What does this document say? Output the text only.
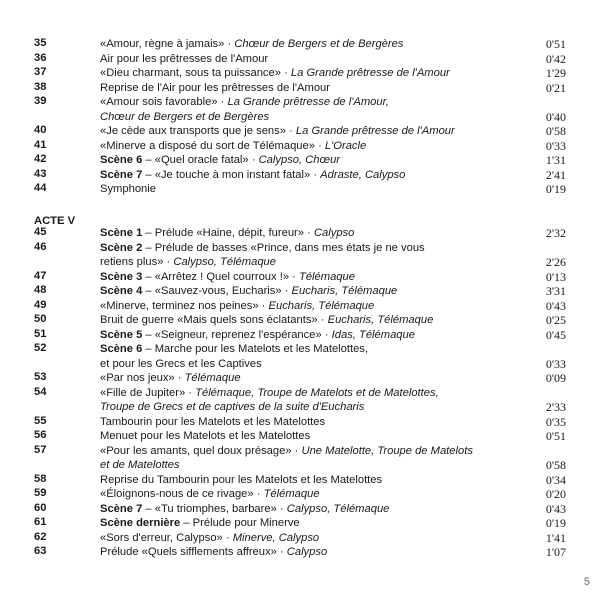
35	«Amour, règne à jamais» · Chœur de Bergers et de Bergères	0'51
36	Air pour les prêtresses de l'Amour	0'42
37	«Dieu charmant, sous ta puissance» · La Grande prêtresse de l'Amour	1'29
38	Reprise de l'Air pour les prêtresses de l'Amour	0'21
39	«Amour sois favorable» · La Grande prêtresse de l'Amour,
Chœur de Bergers et de Bergères	0'40
40	«Je cède aux transports que je sens» · La Grande prêtresse de l'Amour	0'58
41	«Minerve a disposé du sort de Télémaque» · L'Oracle	0'33
42	Scène 6 – «Quel oracle fatal» · Calypso, Chœur	1'31
43	Scène 7 – «Je touche à mon instant fatal» · Adraste, Calypso	2'41
44	Symphonie	0'19
45	Scène 1 – Prélude «Haine, dépit, fureur» · Calypso	2'32
46	Scène 2 – Prélude de basses «Prince, dans mes états je ne vous
retiens plus» · Calypso, Télémaque	2'26
47	Scène 3 – «Arrêtez ! Quel courroux !» · Télémaque	0'13
48	Scène 4 – «Sauvez-vous, Eucharis» · Eucharis, Télémaque	3'31
49	«Minerve, terminez nos peines» · Eucharis, Télémaque	0'43
50	Bruit de guerre «Mais quels sons éclatants» · Eucharis, Télémaque	0'25
51	Scène 5 – «Seigneur, reprenez l'espérance» · Idas, Télémaque	0'45
52	Scène 6 – Marche pour les Matelots et les Matelottes,
et pour les Grecs et les Captives	0'33
53	«Par nos jeux» · Télémaque	0'09
54	«Fille de Jupiter» · Télémaque, Troupe de Matelots et de Matelottes,
Troupe de Grecs et de captives de la suite d'Eucharis	2'33
55	Tambourin pour les Matelots et les Matelottes	0'35
56	Menuet pour les Matelots et les Matelottes	0'51
57	«Pour les amants, quel doux présage» · Une Matelotte, Troupe de Matelots
et de Matelottes	0'58
58	Reprise du Tambourin pour les Matelots et les Matelottes	0'34
59	«Éloignons-nous de ce rivage» · Télémaque	0'20
60	Scène 7 – «Tu triomphes, barbare» · Calypso, Télémaque	0'43
61	Scène dernière – Prélude pour Minerve	0'19
62	«Sors d'erreur, Calypso» · Minerve, Calypso	1'41
63	Prélude «Quels sifflements affreux» · Calypso	1'07
ACTE V
5
